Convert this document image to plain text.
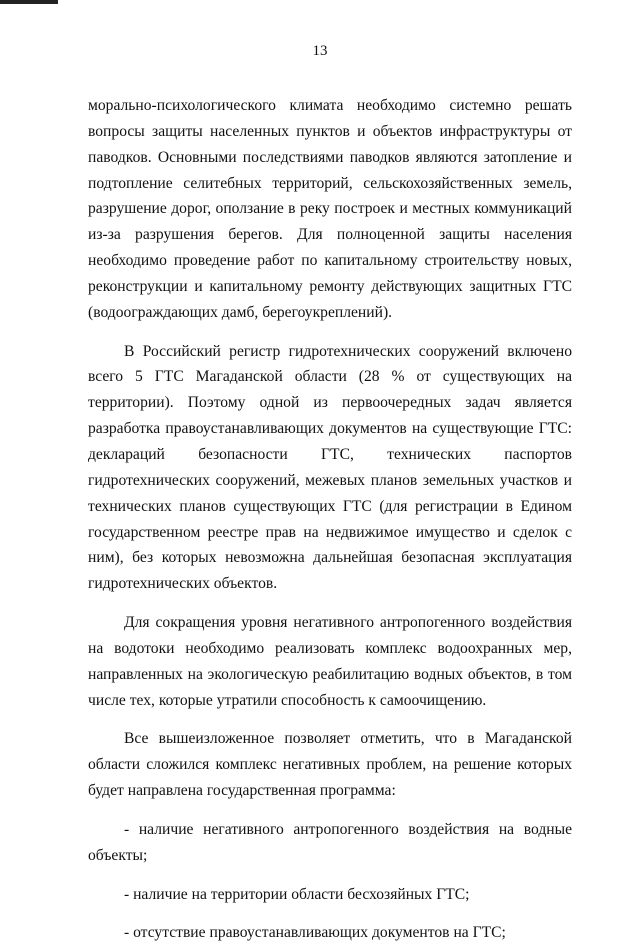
13

морально-психологического климата необходимо системно решать вопросы защиты населенных пунктов и объектов инфраструктуры от паводков. Основными последствиями паводков являются затопление и подтопление селитебных территорий, сельскохозяйственных земель, разрушение дорог, оползание в реку построек и местных коммуникаций из-за разрушения берегов. Для полноценной защиты населения необходимо проведение работ по капитальному строительству новых, реконструкции и капитальному ремонту действующих защитных ГТС (водоограждающих дамб, берегоукреплений).

В Российский регистр гидротехнических сооружений включено всего 5 ГТС Магаданской области (28 % от существующих на территории). Поэтому одной из первоочередных задач является разработка правоустанавливающих документов на существующие ГТС: деклараций безопасности ГТС, технических паспортов гидротехнических сооружений, межевых планов земельных участков и технических планов существующих ГТС (для регистрации в Едином государственном реестре прав на недвижимое имущество и сделок с ним), без которых невозможна дальнейшая безопасная эксплуатация гидротехнических объектов.

Для сокращения уровня негативного антропогенного воздействия на водотоки необходимо реализовать комплекс водоохранных мер, направленных на экологическую реабилитацию водных объектов, в том числе тех, которые утратили способность к самоочищению.

Все вышеизложенное позволяет отметить, что в Магаданской области сложился комплекс негативных проблем, на решение которых будет направлена государственная программа:

- наличие негативного антропогенного воздействия на водные объекты;

- наличие на территории области бесхозяйных ГТС;

- отсутствие правоустанавливающих документов на ГТС;
